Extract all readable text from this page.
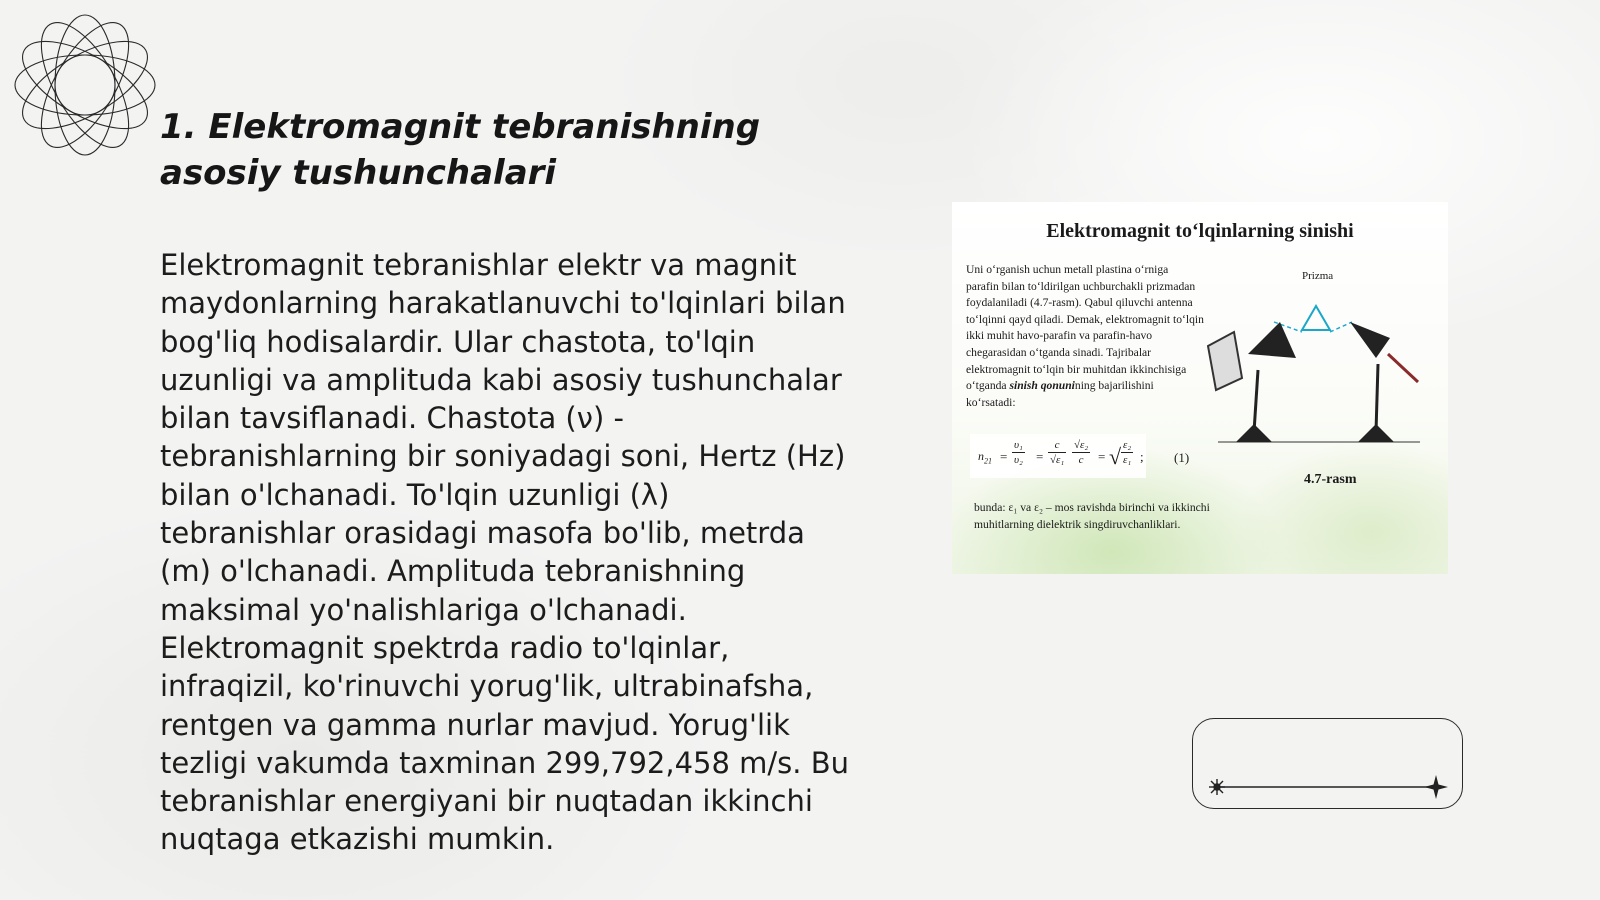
1. Elektromagnit tebranishning asosiy tushunchalari

Elektromagnit tebranishlar elektr va magnit maydonlarning harakatlanuvchi to'lqinlari bilan bog'liq hodisalardir. Ular chastota, to'lqin uzunligi va amplituda kabi asosiy tushunchalar bilan tavsiflanadi. Chastota (ν) - tebranishlarning bir soniyadagi soni, Hertz (Hz) bilan o'lchanadi. To'lqin uzunligi (λ) tebranishlar orasidagi masofa bo'lib, metrda (m) o'lchanadi. Amplituda tebranishning maksimal yo'nalishlariga o'lchanadi. Elektromagnit spektrda radio to'lqinlar, infraqizil, ko'rinuvchi yorug'lik, ultrabinafsha, rentgen va gamma nurlar mavjud. Yorug'lik tezligi vakumda taxminan 299,792,458 m/s. Bu tebranishlar energiyani bir nuqtadan ikkinchi nuqtaga etkazishi mumkin.

Elektromagnit to‘lqinlarning sinishi

Uni o‘rganish uchun metall plastina o‘rniga parafin bilan to‘ldirilgan uchburchakli prizmadan foydalaniladi (4.7-rasm). Qabul qiluvchi antenna to‘lqinni qayd qiladi. Demak, elektromagnit to‘lqin ikki muhit havo-parafin va parafin-havo chegarasidan o‘tganda sinadi. Tajribalar elektromagnit to‘lqin bir muhitdan ikkinchisiga o‘tganda sinish qonunining bajarilishini ko‘rsatadi:

$n_{21}$ =
υ₁
υ₂ =
c
√ε₁
√ε₂
c = √ ε₂
ε₁ ; (1)

bunda: ε₁ va ε₂ – mos ravishda birinchi va ikkinchi muhitlarning dielektrik singdiruvchanliklari.

Prizma
4.7-rasm
